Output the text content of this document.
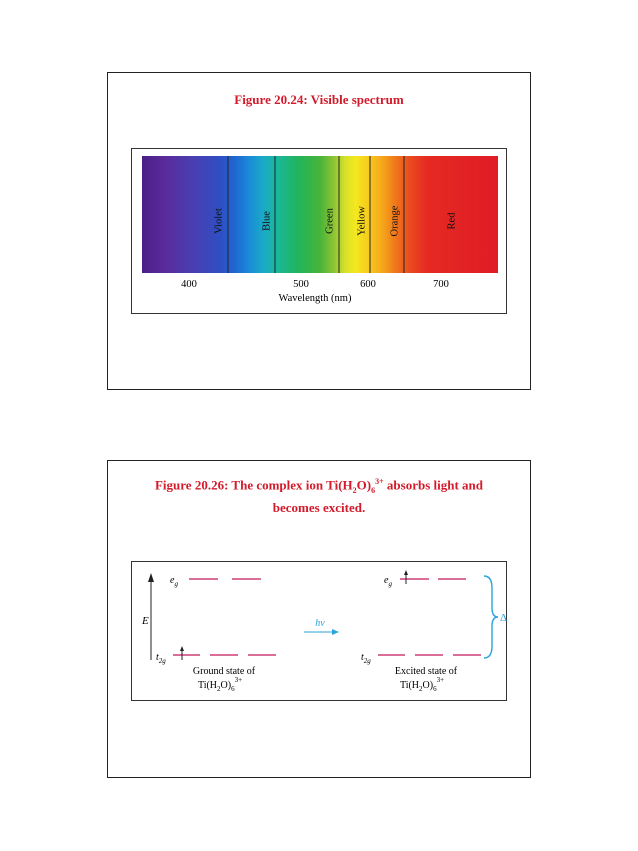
Figure 20.24: Visible spectrum
Violet	Blue	Green Yellow Orange	Red
400	500	600	700
Wavelength (nm)
Figure 20.26: The complex ion $Ti(H_2O)_6^{3+}$ absorbs light and
becomes excited.
E
$e_g$
$t_{2g}$
Ground state of
$Ti(H_2O)_6^{3+}$
hv
$e_g$
$t_{2g}$
Excited state of
$Ti(H_2O)_6^{3+}$
Δ
